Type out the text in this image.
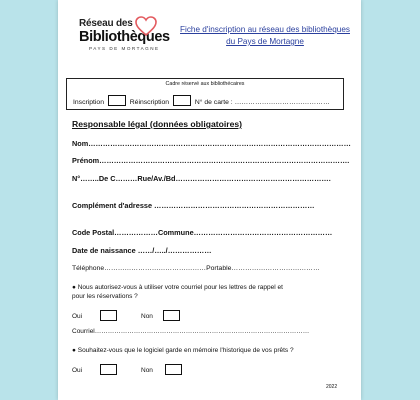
Réseau des
Bibliothèques
PAYS DE MORTAGNE
Fiche d'inscription au réseau des bibliothèques
du Pays de Mortagne
Cadre réservé aux bibliothécaires
Inscription	Réinscription	N° de carte : ……………………………………
Responsable légal (données obligatoires)
Nom………………………………………………………………………………………………
Prénom………………………………………………………………………………………….
N°……..De C………Rue/Av./Bd……………………………………………………….
Complément d'adresse …………………………………………………………
Code Postal………………Commune…………………………………………………
Date de naissance ……/…../………………
Téléphone………………………………………Portable…………………………………
● Nous autorisez-vous à utiliser votre courriel pour les lettres de rappel et
pour les réservations ?
Oui	Non
Courriel………………………………………………………………………………………
● Souhaitez-vous que le logiciel garde en mémoire l'historique de vos prêts ?
Oui	Non
2022
